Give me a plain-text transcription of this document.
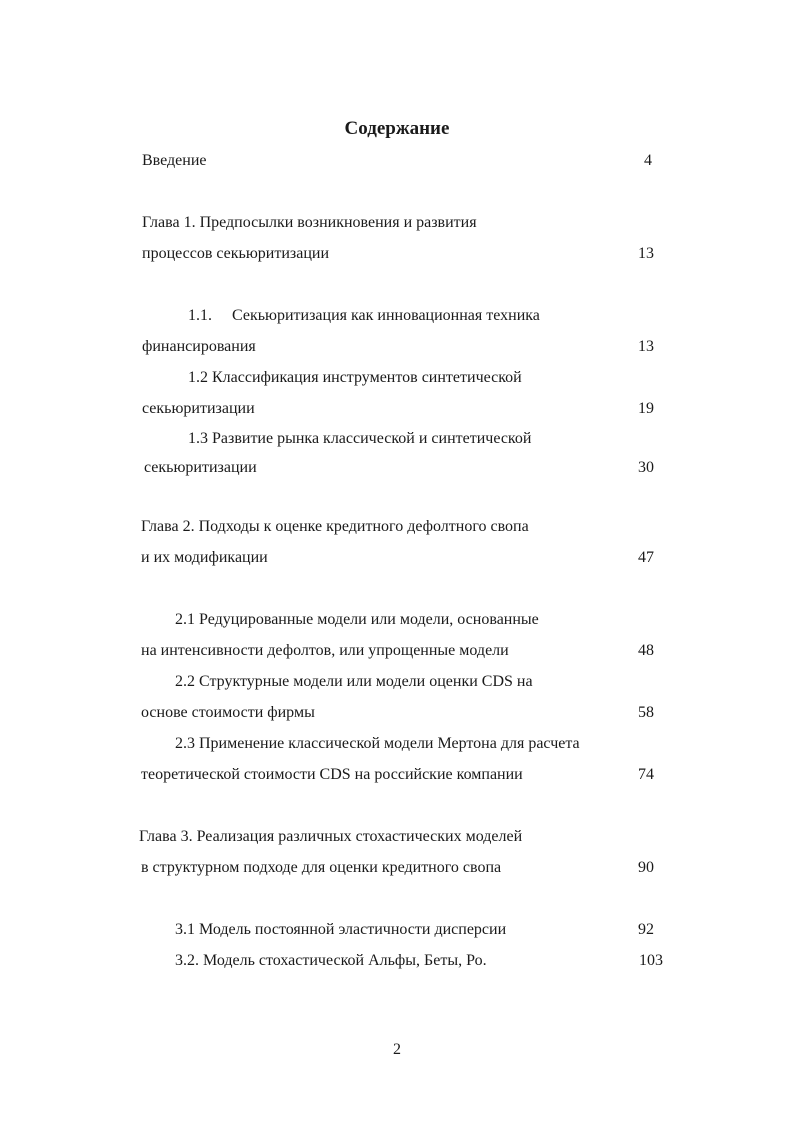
Содержание
Введение	4
Глава 1. Предпосылки возникновения и развития
процессов секьюритизации	13
1.1. Секьюритизация как инновационная техника
финансирования	13
1.2 Классификация инструментов синтетической
секьюритизации	19
1.3 Развитие рынка классической и синтетической
секьюритизации	30
Глава 2. Подходы к оценке кредитного дефолтного свопа
и их модификации	47
2.1 Редуцированные модели или модели, основанные
на интенсивности дефолтов, или упрощенные модели	48
2.2 Структурные модели или модели оценки CDS на
основе стоимости фирмы	58
2.3 Применение классической модели Мертона для расчета
теоретической стоимости CDS на российские компании	74
Глава 3. Реализация различных стохастических моделей
в структурном подходе для оценки кредитного свопа	90
3.1 Модель постоянной эластичности дисперсии	92
3.2. Модель стохастической Альфы, Беты, Ро.	103
2
